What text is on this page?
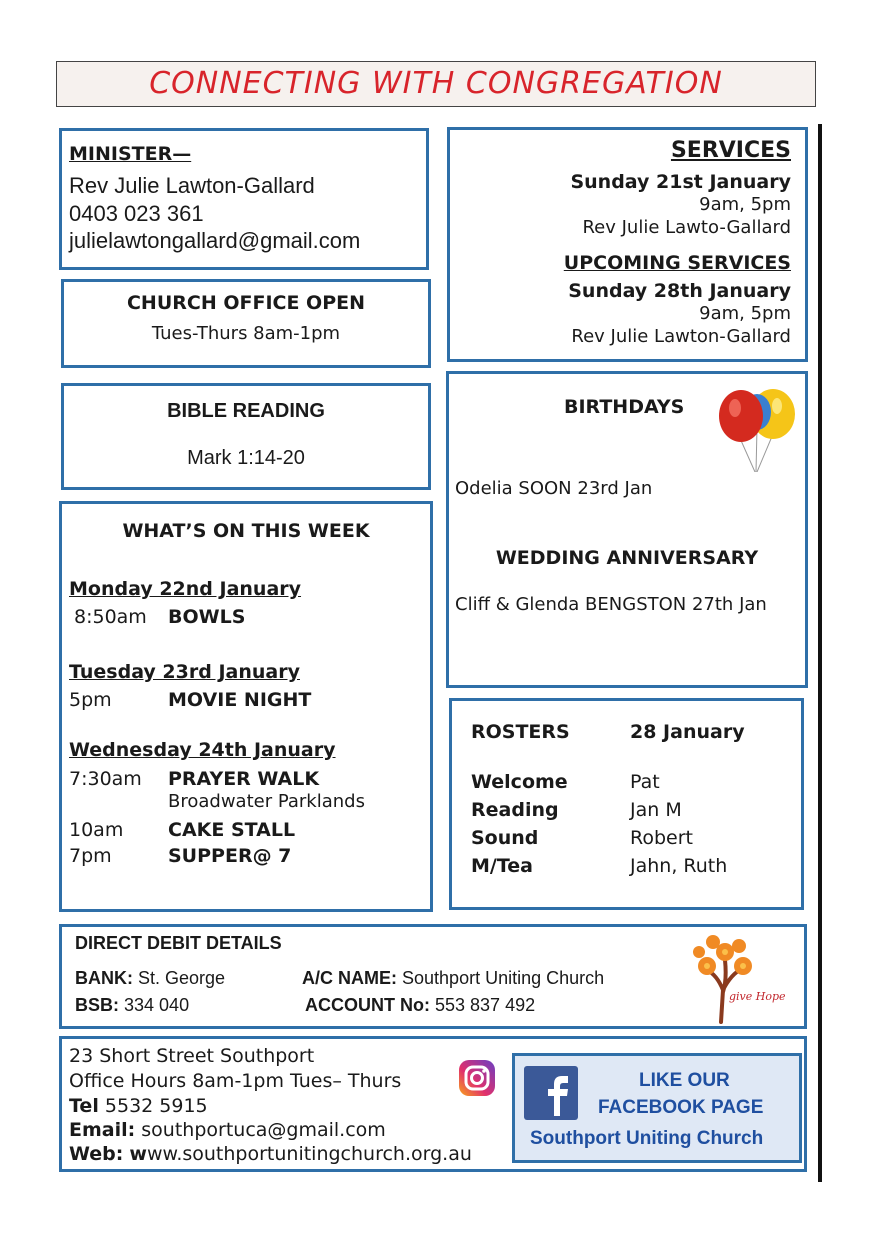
CONNECTING WITH CONGREGATION
MINISTER—
Rev Julie Lawton-Gallard
0403 023 361
julielawtongallard@gmail.com
CHURCH OFFICE OPEN
Tues-Thurs 8am-1pm
BIBLE READING
Mark 1:14-20
WHAT’S ON THIS WEEK
Monday 22nd January
8:50am BOWLS
Tuesday 23rd January
5pm	MOVIE NIGHT
Wednesday 24th January
7:30am PRAYER WALK
Broadwater Parklands
10am CAKE STALL
7pm	SUPPER@ 7
SERVICES
Sunday 21st January
9am, 5pm
Rev Julie Lawto-Gallard
UPCOMING SERVICES
Sunday 28th January
9am, 5pm
Rev Julie Lawton-Gallard
BIRTHDAYS
Odelia SOON 23rd Jan
WEDDING ANNIVERSARY
Cliff & Glenda BENGSTON 27th Jan
ROSTERS	28 January
Welcome	Pat
Reading	Jan M
Sound	Robert
M/Tea	Jahn, Ruth
DIRECT DEBIT DETAILS
BANK: St. George	A/C NAME: Southport Uniting Church
BSB: 334 040	ACCOUNT No: 553 837 492	give Hope
23 Short Street Southport
Office Hours 8am-1pm Tues– Thurs
Tel 5532 5915
Email: southportuca@gmail.com
Web: www.southportunitingchurch.org.au
LIKE OUR
FACEBOOK PAGE
Southport Uniting Church
